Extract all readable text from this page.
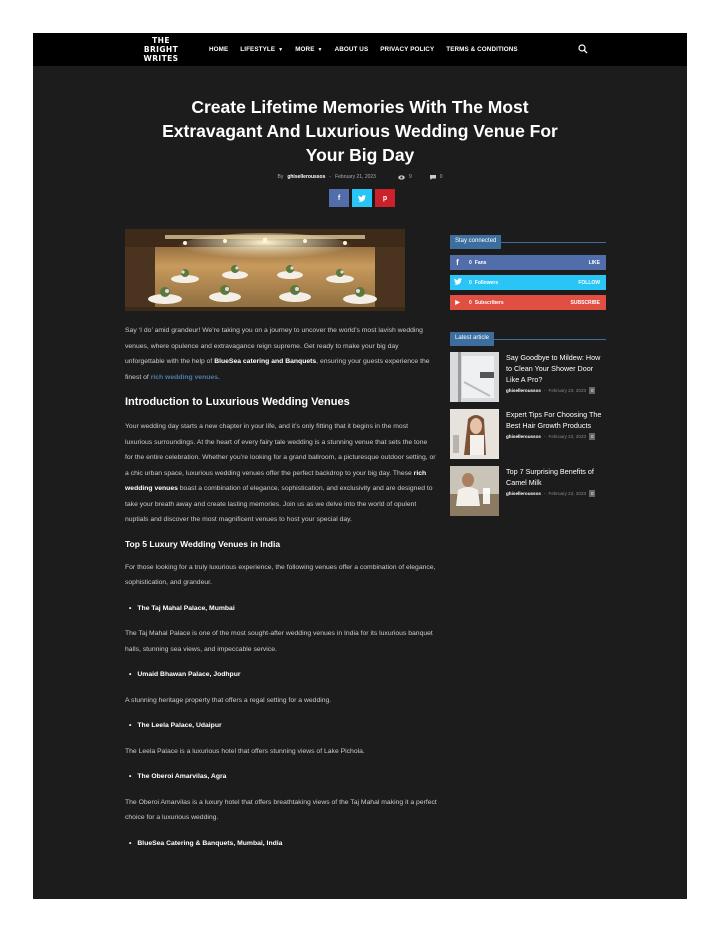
THE
BRIGHT
WRITES
HOME LIFESTYLE ▼ MORE ▼ ABOUT US PRIVACY POLICY TERMS & CONDITIONS
Create Lifetime Memories With The Most Extravagant And Luxurious Wedding Venue For Your Big Day
By ghiselleroussos - February 21, 2023	9	0
f	p

Say ‘I do’ amid grandeur! We’re taking you on a journey to uncover the world’s most lavish wedding venues, where opulence and extravagance reign supreme. Get ready to make your big day unforgettable with the help of BlueSea catering and Banquets, ensuring your guests experience the finest of rich wedding venues.

Introduction to Luxurious Wedding Venues

Your wedding day starts a new chapter in your life, and it’s only fitting that it begins in the most luxurious surroundings. At the heart of every fairy tale wedding is a stunning venue that sets the tone for the entire celebration. Whether you’re looking for a grand ballroom, a picturesque outdoor setting, or a chic urban space, luxurious wedding venues offer the perfect backdrop to your big day. These rich wedding venues boast a combination of elegance, sophistication, and exclusivity and are designed to take your breath away and create lasting memories. Join us as we delve into the world of opulent nuptials and discover the most magnificent venues to host your special day.

Top 5 Luxury Wedding Venues in India

For those looking for a truly luxurious experience, the following venues offer a combination of elegance, sophistication, and grandeur.

• The Taj Mahal Palace, Mumbai

The Taj Mahal Palace is one of the most sought-after wedding venues in India for its luxurious banquet halls, stunning sea views, and impeccable service.

• Umaid Bhawan Palace, Jodhpur

A stunning heritage property that offers a regal setting for a wedding.

• The Leela Palace, Udaipur

The Leela Palace is a luxurious hotel that offers stunning views of Lake Pichola.

• The Oberoi Amarvilas, Agra

The Oberoi Amarvilas is a luxury hotel that offers breathtaking views of the Taj Mahal making it a perfect choice for a luxurious wedding.

• BlueSea Catering & Banquets, Mumbai, India
Stay connected
f	0 Fans	LIKE
0 Followers	FOLLOW
▶	0 Subscribers	SUBSCRIBE
Latest article
Say Goodbye to Mildew: How to Clean Your Shower Door Like A Pro?
ghiselleroussos - February 23, 2023	0
Expert Tips For Choosing The Best Hair Growth Products
ghiselleroussos - February 22, 2023	0
Top 7 Surprising Benefits of Camel Milk
ghiselleroussos - February 22, 2023	0
